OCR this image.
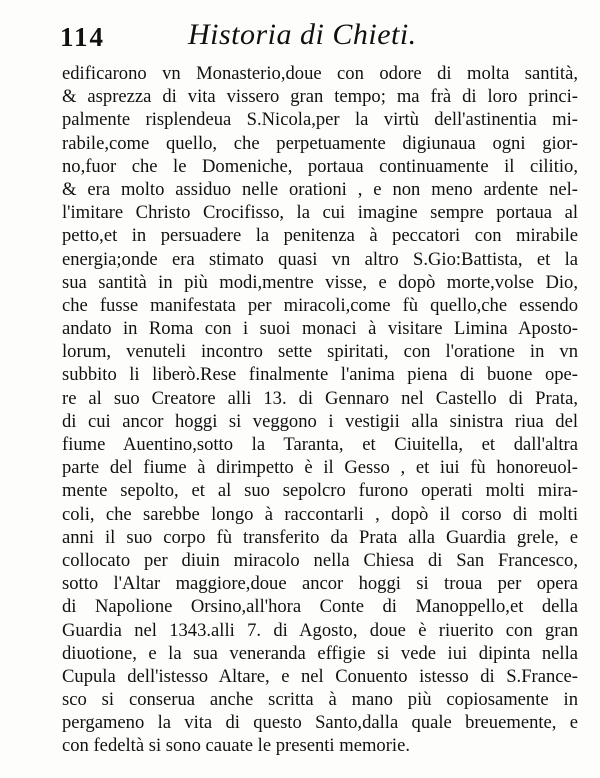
114	Historia di Chieti.
edificarono vn Monasterio,doue con odore di molta santità,
& asprezza di vita vissero gran tempo; ma frà di loro princi-
palmente risplendeua S.Nicola,per la virtù dell'astinentia mi-
rabile,come quello, che perpetuamente digiunaua ogni gior-
no,fuor che le Domeniche, portaua continuamente il cilitio,
& era molto assiduo nelle orationi , e non meno ardente nel-
l'imitare Christo Crocifisso, la cui imagine sempre portaua al
petto,et in persuadere la penitenza à peccatori con mirabile
energia;onde era stimato quasi vn altro S.Gio:Battista, et la
sua santità in più modi,mentre visse, e dopò morte,volse Dio,
che fusse manifestata per miracoli,come fù quello,che essendo
andato in Roma con i suoi monaci à visitare Limina Aposto-
lorum, venuteli incontro sette spiritati, con l'oratione in vn
subbito li liberò.Rese finalmente l'anima piena di buone ope-
re al suo Creatore alli 13. di Gennaro nel Castello di Prata,
di cui ancor hoggi si veggono i vestigii alla sinistra riua del
fiume Auentino,sotto la Taranta, et Ciuitella, et dall'altra
parte del fiume à dirimpetto è il Gesso , et iui fù honoreuol-
mente sepolto, et al suo sepolcro furono operati molti mira-
coli, che sarebbe longo à raccontarli , dopò il corso di molti
anni il suo corpo fù transferito da Prata alla Guardia grele, e
collocato per diuin miracolo nella Chiesa di San Francesco,
sotto l'Altar maggiore,doue ancor hoggi si troua per opera
di Napolione Orsino,all'hora Conte di Manoppello,et della
Guardia nel 1343.alli 7. di Agosto, doue è riuerito con gran
diuotione, e la sua veneranda effigie si vede iui dipinta nella
Cupula dell'istesso Altare, e nel Conuento istesso di S.France-
sco si conserua anche scritta à mano più copiosamente in
pergameno la vita di questo Santo,dalla quale breuemente, e
con fedeltà si sono cauate le presenti memorie.
